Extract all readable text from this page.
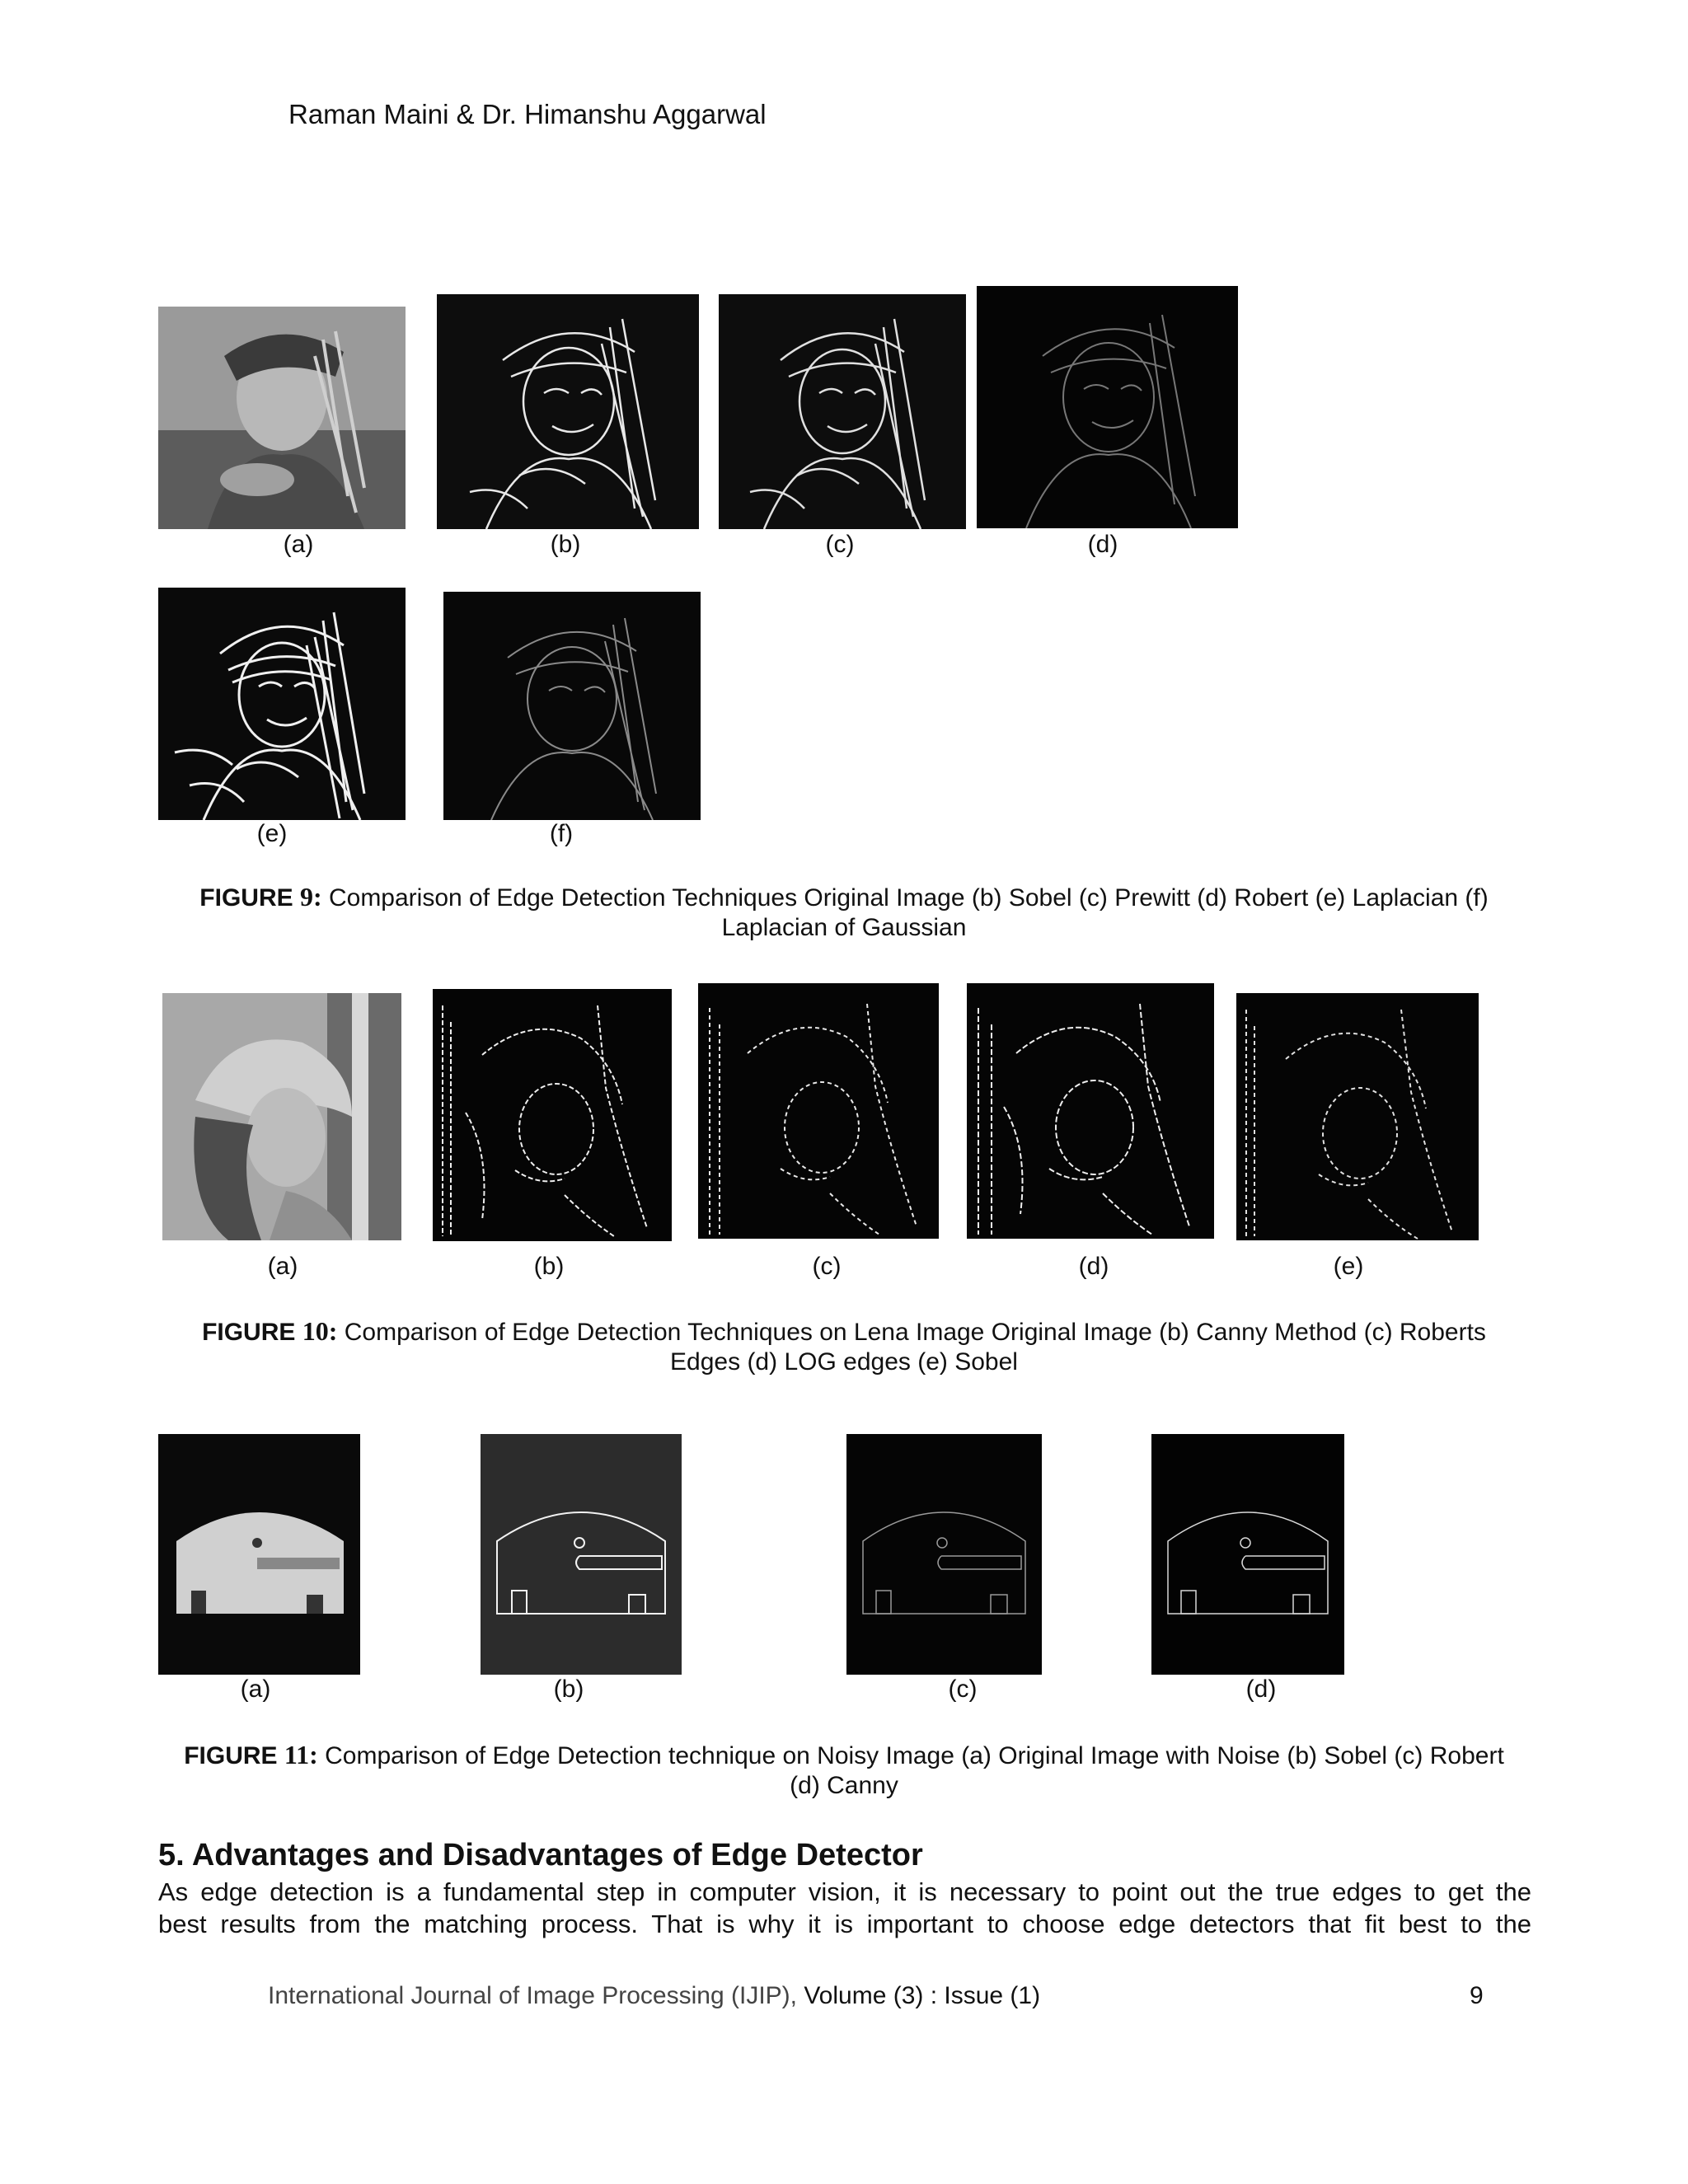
Raman Maini & Dr. Himanshu Aggarwal
(a)	(b)	(c)	(d)
(e)	(f)
FIGURE 9: Comparison of Edge Detection Techniques Original Image (b) Sobel (c) Prewitt (d) Robert (e) Laplacian (f)
Laplacian of Gaussian
(a)	(b)	(c)	(d)	(e)
FIGURE 10: Comparison of Edge Detection Techniques on Lena Image Original Image (b) Canny Method (c) Roberts
Edges (d) LOG edges (e) Sobel
(a)	(b)	(c)	(d)
FIGURE 11: Comparison of Edge Detection technique on Noisy Image (a) Original Image with Noise (b) Sobel (c) Robert
(d) Canny
5. Advantages and Disadvantages of Edge Detector
As edge detection is a fundamental step in computer vision, it is necessary to point out the true edges to get the
best results from the matching process. That is why it is important to choose edge detectors that fit best to the
International Journal of Image Processing (IJIP), Volume (3) : Issue (1)	9
